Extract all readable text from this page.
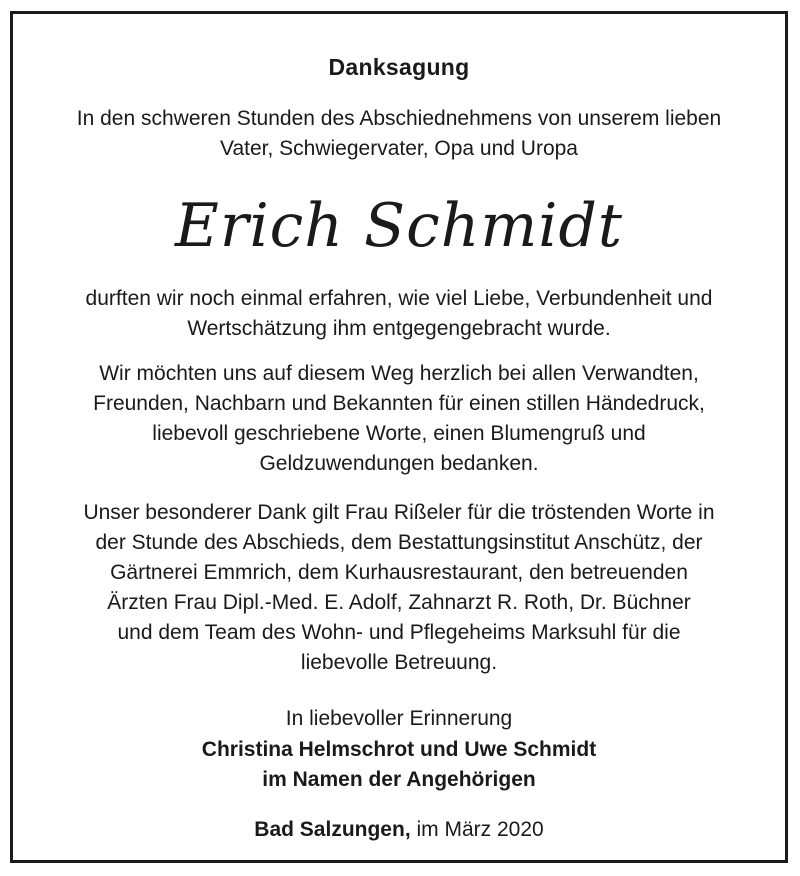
Danksagung
In den schweren Stunden des Abschiednehmens von unserem lieben
Vater, Schwiegervater, Opa und Uropa
Erich Schmidt
durften wir noch einmal erfahren, wie viel Liebe, Verbundenheit und
Wertschätzung ihm entgegengebracht wurde.
Wir möchten uns auf diesem Weg herzlich bei allen Verwandten,
Freunden, Nachbarn und Bekannten für einen stillen Händedruck,
liebevoll geschriebene Worte, einen Blumengruß und
Geldzuwendungen bedanken.
Unser besonderer Dank gilt Frau Rißeler für die tröstenden Worte in
der Stunde des Abschieds, dem Bestattungsinstitut Anschütz, der
Gärtnerei Emmrich, dem Kurhausrestaurant, den betreuenden
Ärzten Frau Dipl.-Med. E. Adolf, Zahnarzt R. Roth, Dr. Büchner
und dem Team des Wohn- und Pflegeheims Marksuhl für die
liebevolle Betreuung.
In liebevoller Erinnerung
Christina Helmschrot und Uwe Schmidt
im Namen der Angehörigen
Bad Salzungen, im März 2020
